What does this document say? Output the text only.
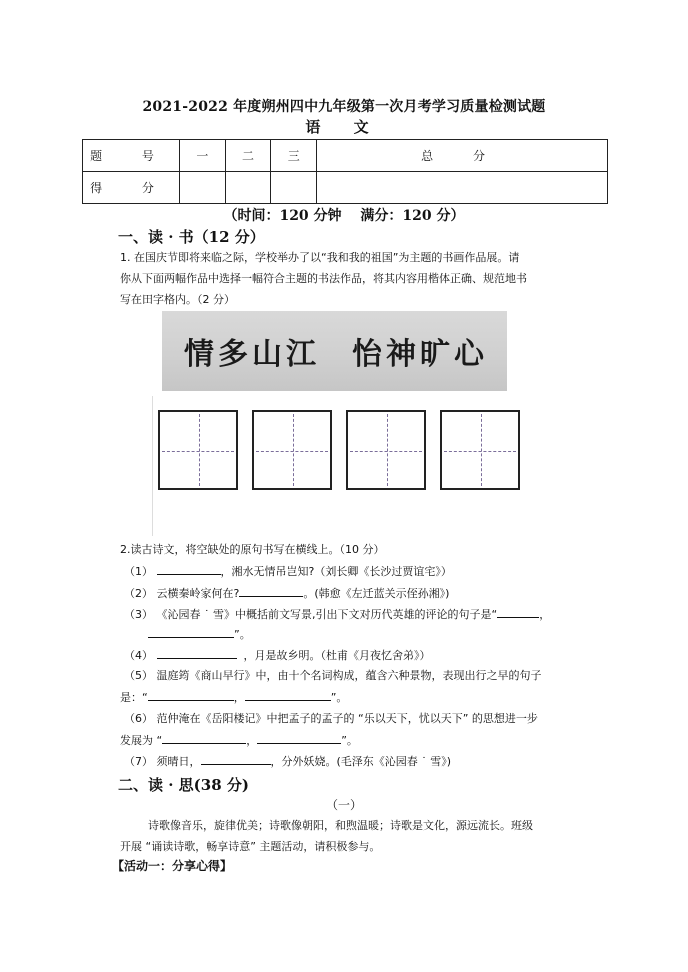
2021-2022 年度朔州四中九年级第一次月考学习质量检测试题
语 文
题 号	一	二	三	总 分
得 分				
（时间：120 分钟　 满分：120 分）
一、读 · 书（12 分）
1. 在国庆节即将来临之际，学校举办了以“我和我的祖国”为主题的书画作品展。请
你从下面两幅作品中选择一幅符合主题的书法作品，将其内容用楷体正确、规范地书
写在田字格内。（2 分）
情多山江 怡神旷心
2.读古诗文，将空缺处的原句书写在横线上。（10 分）
（1）	，湘水无情吊岂知?（刘长卿《长沙过贾谊宅》）
（2） 云横秦岭家何在?	。(韩愈《左迁蓝关示侄孙湘》)
（3） 《沁园春 ˙ 雪》中概括前文写景,引出下文对历代英雄的评论的句子是“	，
”。
（4）	，月是故乡明。（杜甫《月夜忆舍弟》）
（5） 温庭筠《商山早行》中，由十个名词构成，蕴含六种景物，表现出行之早的句子
是：“	，	”。
（6） 范仲淹在《岳阳楼记》中把孟子的孟子的 “乐以天下，忧以天下” 的思想进一步
发展为 “	，	”。
（7） 须晴日，	，分外妖娆。(毛泽东《沁园春 ˙ 雪》)
二、读 · 思(38 分)
（一）
诗歌像音乐，旋律优美；诗歌像朝阳，和煦温暖；诗歌是文化，源远流长。班级
开展 “诵读诗歌，畅享诗意” 主题活动，请积极参与。
【活动一：分享心得】
